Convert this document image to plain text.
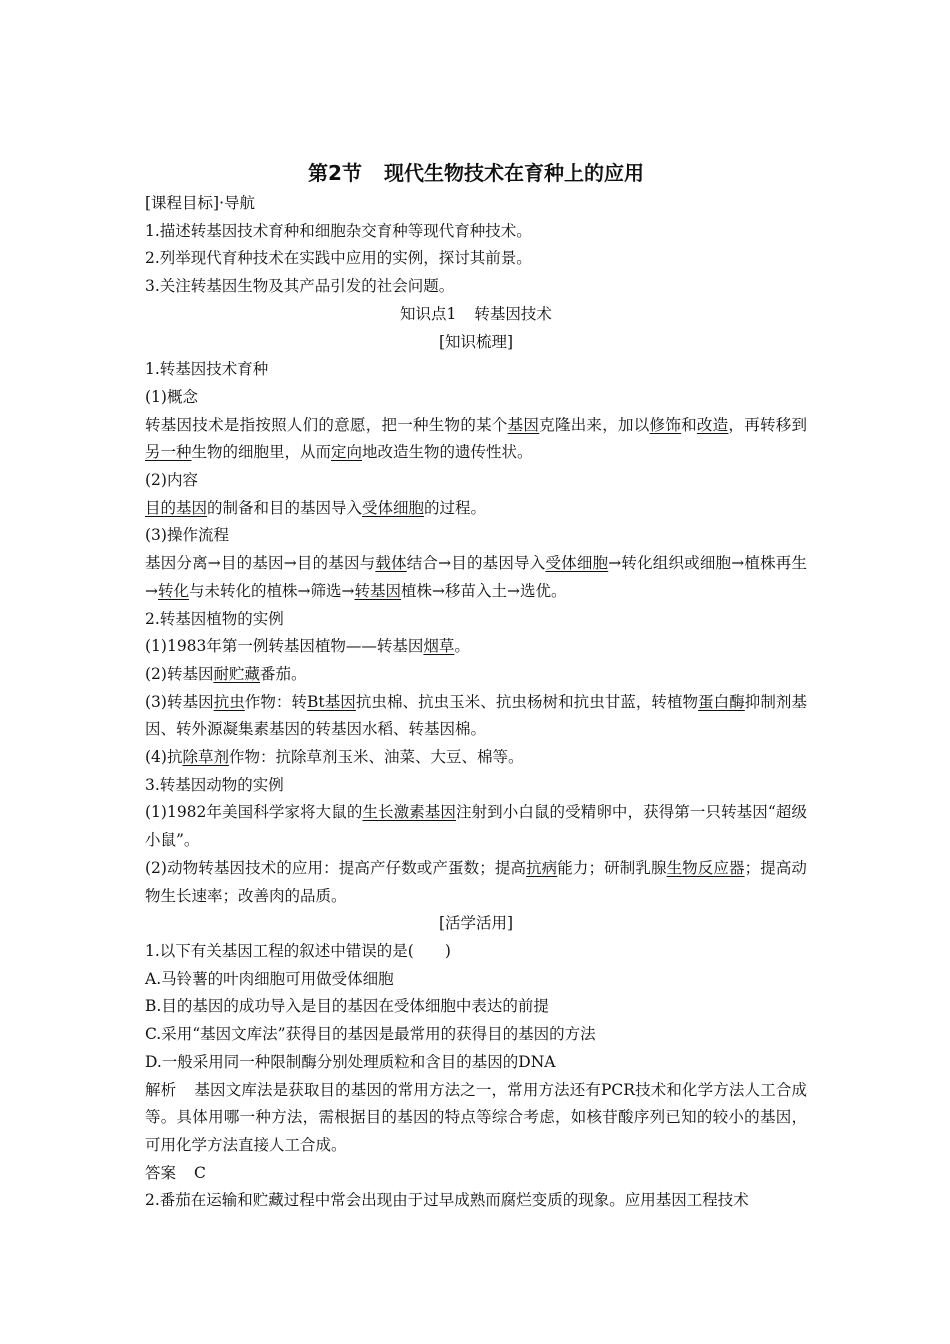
第2节 现代生物技术在育种上的应用
[课程目标]·导航
1.描述转基因技术育种和细胞杂交育种等现代育种技术。
2.列举现代育种技术在实践中应用的实例，探讨其前景。
3.关注转基因生物及其产品引发的社会问题。
知识点1 转基因技术
[知识梳理]
1.转基因技术育种
(1)概念
转基因技术是指按照人们的意愿，把一种生物的某个基因克隆出来，加以修饰和改造，再转移到另一种生物的细胞里，从而定向地改造生物的遗传性状。
(2)内容
目的基因的制备和目的基因导入受体细胞的过程。
(3)操作流程
基因分离→目的基因→目的基因与载体结合→目的基因导入受体细胞→转化组织或细胞→植株再生→转化与未转化的植株→筛选→转基因植株→移苗入土→选优。
2.转基因植物的实例
(1)1983年第一例转基因植物——转基因烟草。
(2)转基因耐贮藏番茄。
(3)转基因抗虫作物：转Bt基因抗虫棉、抗虫玉米、抗虫杨树和抗虫甘蓝，转植物蛋白酶抑制剂基因、转外源凝集素基因的转基因水稻、转基因棉。
(4)抗除草剂作物：抗除草剂玉米、油菜、大豆、棉等。
3.转基因动物的实例
(1)1982年美国科学家将大鼠的生长激素基因注射到小白鼠的受精卵中，获得第一只转基因“超级小鼠”。
(2)动物转基因技术的应用：提高产仔数或产蛋数；提高抗病能力；研制乳腺生物反应器；提高动物生长速率；改善肉的品质。
[活学活用]
1.以下有关基因工程的叙述中错误的是(　　)
A.马铃薯的叶肉细胞可用做受体细胞
B.目的基因的成功导入是目的基因在受体细胞中表达的前提
C.采用“基因文库法”获得目的基因是最常用的获得目的基因的方法
D.一般采用同一种限制酶分别处理质粒和含目的基因的DNA
解析 基因文库法是获取目的基因的常用方法之一，常用方法还有PCR技术和化学方法人工合成等。具体用哪一种方法，需根据目的基因的特点等综合考虑，如核苷酸序列已知的较小的基因，可用化学方法直接人工合成。
答案 C
2.番茄在运输和贮藏过程中常会出现由于过早成熟而腐烂变质的现象。应用基因工程技术
